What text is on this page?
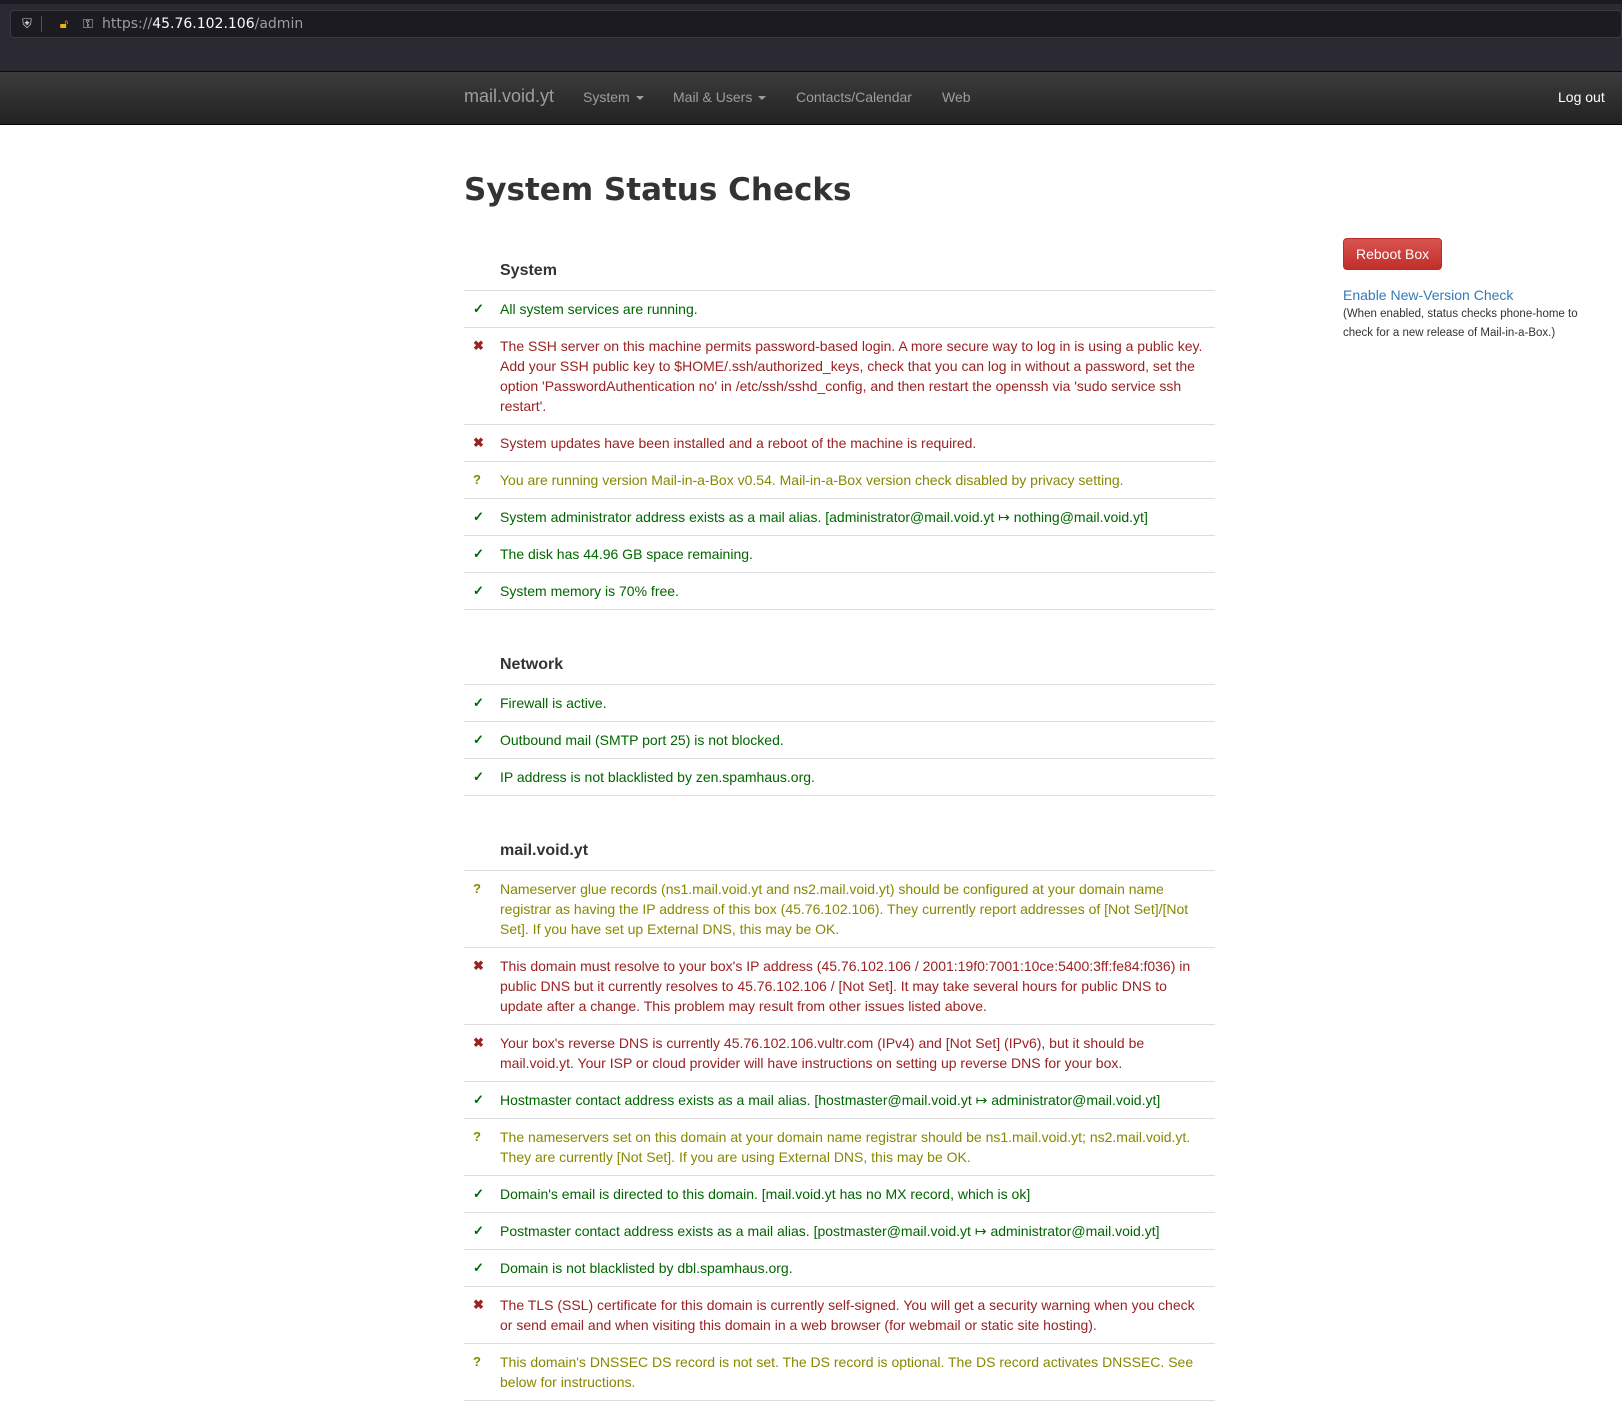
⛨ 🔓︎ ⚿ https://45.76.102.106/admin
mail.void.yt System	Mail & Users	Contacts/Calendar Web	Log out
System Status Checks
System
✓	All system services are running.
✖	The SSH server on this machine permits password-based login. A more secure way to log in is using a public key. Add your SSH public key to $HOME/.ssh/authorized_keys, check that you can log in without a password, set the option 'PasswordAuthentication no' in /etc/ssh/sshd_config, and then restart the openssh via 'sudo service ssh restart'.
✖	System updates have been installed and a reboot of the machine is required.
?	You are running version Mail-in-a-Box v0.54. Mail-in-a-Box version check disabled by privacy setting.
✓	System administrator address exists as a mail alias. [administrator@mail.void.yt ↦ nothing@mail.void.yt]
✓	The disk has 44.96 GB space remaining.
✓	System memory is 70% free.
Network
✓	Firewall is active.
✓	Outbound mail (SMTP port 25) is not blocked.
✓	IP address is not blacklisted by zen.spamhaus.org.
mail.void.yt
?	Nameserver glue records (ns1.mail.void.yt and ns2.mail.void.yt) should be configured at your domain name registrar as having the IP address of this box (45.76.102.106). They currently report addresses of [Not Set]/[Not Set]. If you have set up External DNS, this may be OK.
✖	This domain must resolve to your box's IP address (45.76.102.106 / 2001:19f0:7001:10ce:5400:3ff:fe84:f036) in public DNS but it currently resolves to 45.76.102.106 / [Not Set]. It may take several hours for public DNS to update after a change. This problem may result from other issues listed above.
✖	Your box's reverse DNS is currently 45.76.102.106.vultr.com (IPv4) and [Not Set] (IPv6), but it should be mail.void.yt. Your ISP or cloud provider will have instructions on setting up reverse DNS for your box.
✓	Hostmaster contact address exists as a mail alias. [hostmaster@mail.void.yt ↦ administrator@mail.void.yt]
?	The nameservers set on this domain at your domain name registrar should be ns1.mail.void.yt; ns2.mail.void.yt. They are currently [Not Set]. If you are using External DNS, this may be OK.
✓	Domain's email is directed to this domain. [mail.void.yt has no MX record, which is ok]
✓	Postmaster contact address exists as a mail alias. [postmaster@mail.void.yt ↦ administrator@mail.void.yt]
✓	Domain is not blacklisted by dbl.spamhaus.org.
✖	The TLS (SSL) certificate for this domain is currently self-signed. You will get a security warning when you check or send email and when visiting this domain in a web browser (for webmail or static site hosting).
?	This domain's DNSSEC DS record is not set. The DS record is optional. The DS record activates DNSSEC. See below for instructions.
Reboot Box
Enable New-Version Check
(When enabled, status checks phone-home to check for a new release of Mail-in-a-Box.)
